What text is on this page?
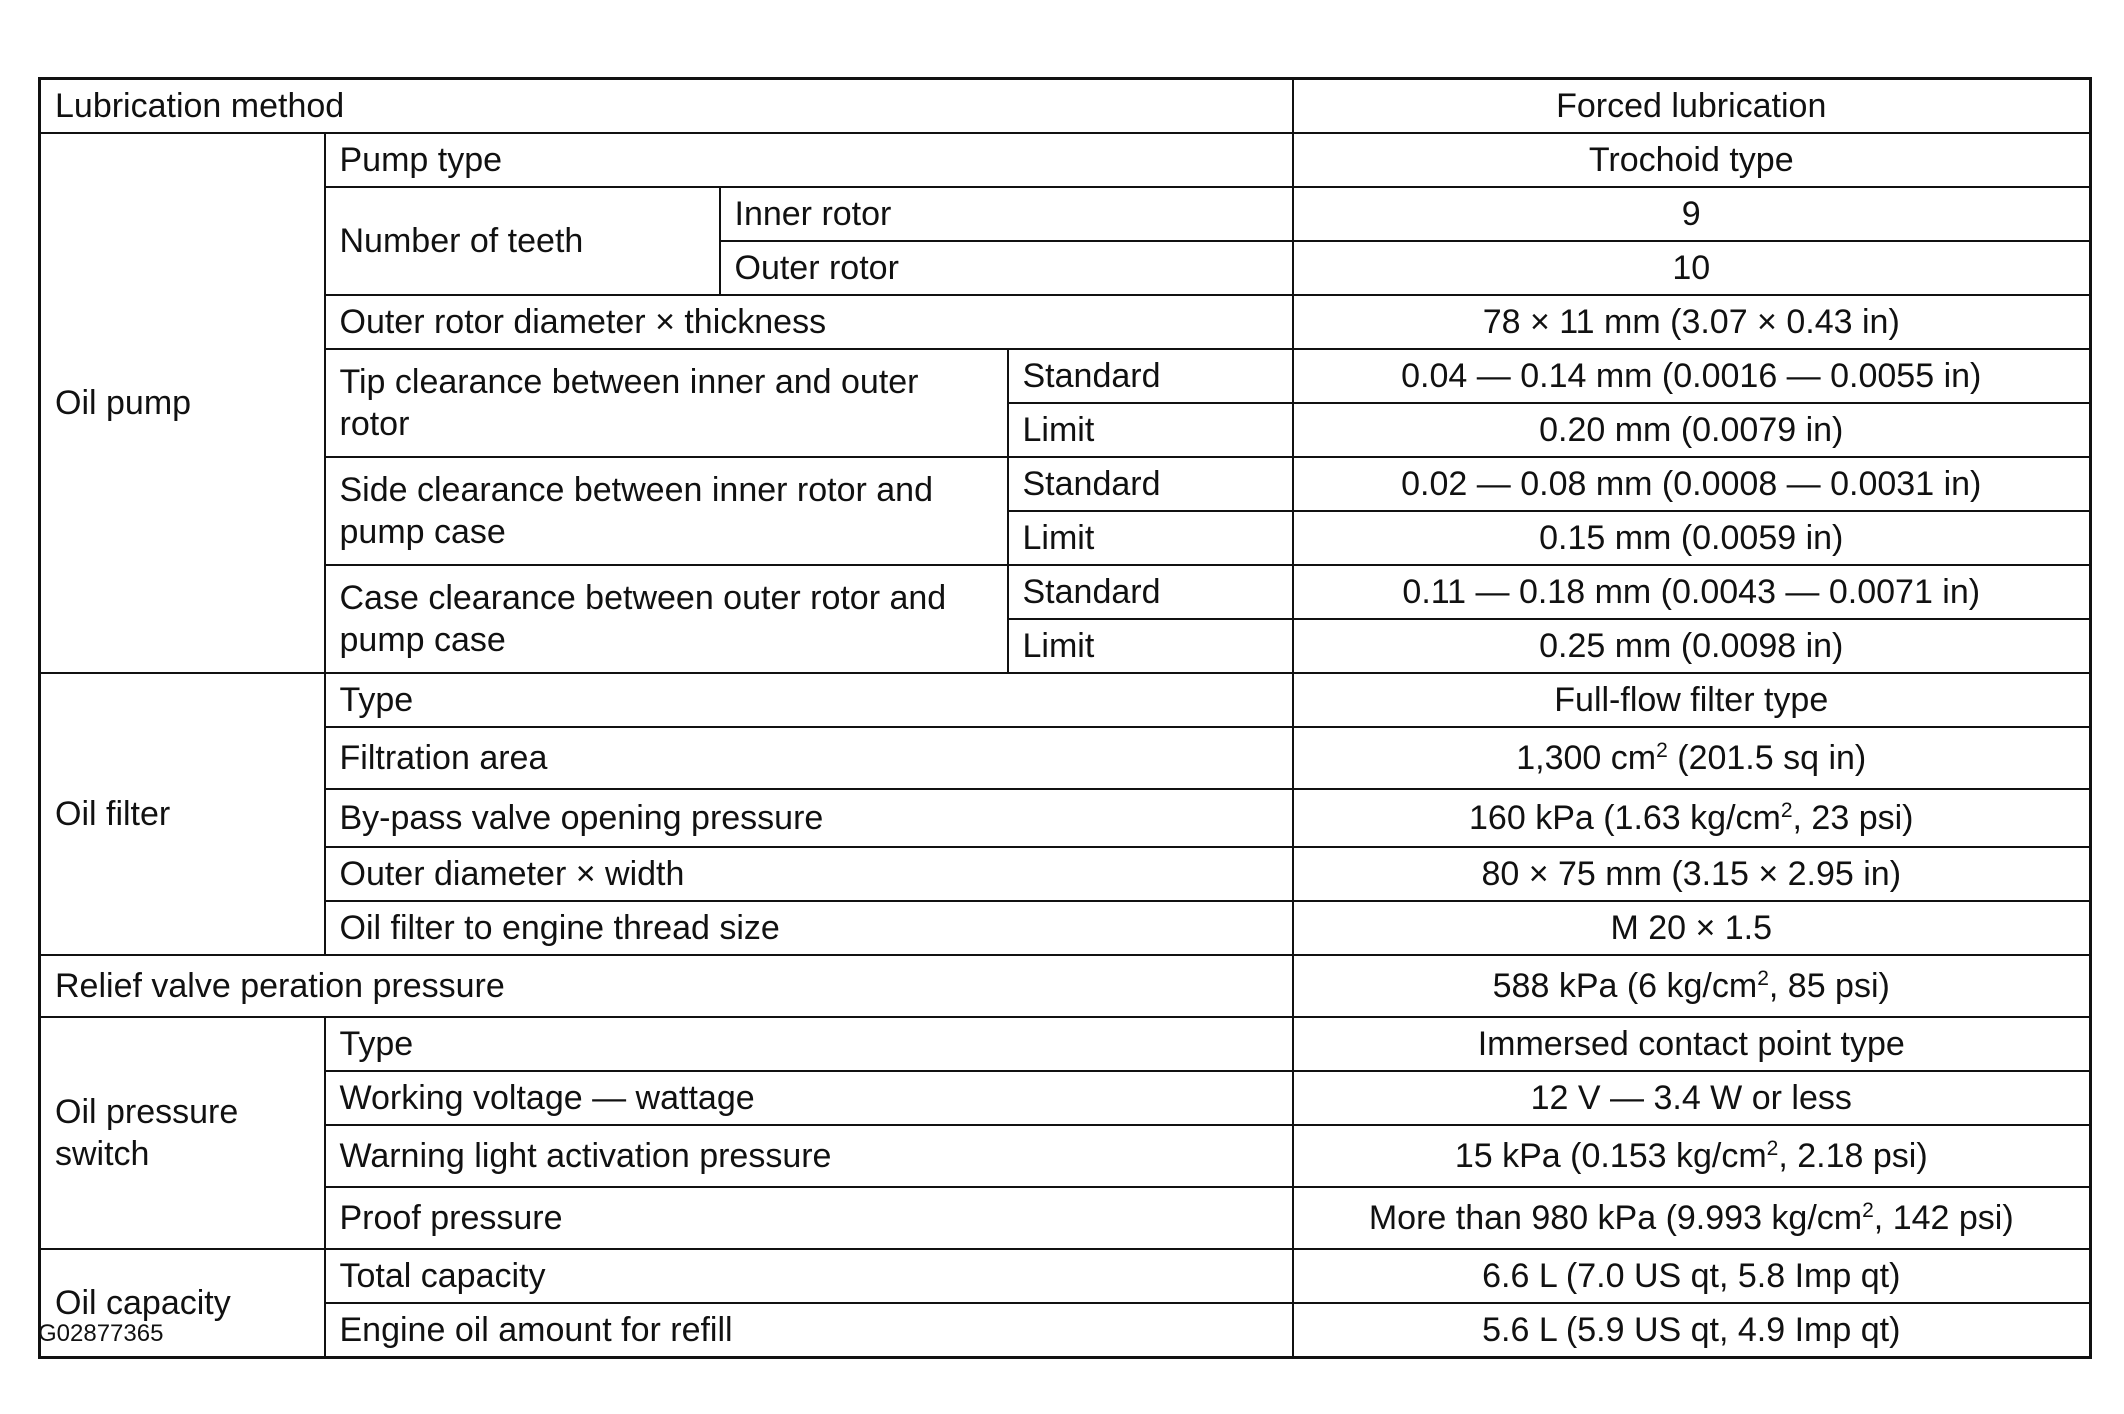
Lubrication method				Forced lubrication
Oil pump	Pump type			Trochoid type
	Number of teeth	Inner rotor		9
		Outer rotor		10
	Outer rotor diameter × thickness			78 × 11 mm (3.07 × 0.43 in)
	Tip clearance between inner and outer rotor		Standard	0.04 — 0.14 mm (0.0016 — 0.0055 in)
			Limit	0.20 mm (0.0079 in)
	Side clearance between inner rotor and pump case		Standard	0.02 — 0.08 mm (0.0008 — 0.0031 in)
			Limit	0.15 mm (0.0059 in)
	Case clearance between outer rotor and pump case		Standard	0.11 — 0.18 mm (0.0043 — 0.0071 in)
			Limit	0.25 mm (0.0098 in)
Oil filter	Type			Full-flow filter type
	Filtration area			1,300 $cm^2$ (201.5 sq in)
	By-pass valve opening pressure			160 kPa (1.63 $kg/cm^2$, 23 psi)
	Outer diameter × width			80 × 75 mm (3.15 × 2.95 in)
	Oil filter to engine thread size			M 20 × 1.5
Relief valve peration pressure				588 kPa (6 $kg/cm^2$, 85 psi)
Oil pressure switch	Type			Immersed contact point type
	Working voltage — wattage			12 V — 3.4 W or less
	Warning light activation pressure			15 kPa (0.153 $kg/cm^2$, 2.18 psi)
	Proof pressure			More than 980 kPa (9.993 $kg/cm^2$, 142 psi)
Oil capacity	Total capacity			6.6 L (7.0 US qt, 5.8 Imp qt)
	Engine oil amount for refill			5.6 L (5.9 US qt, 4.9 Imp qt)
G02877365
